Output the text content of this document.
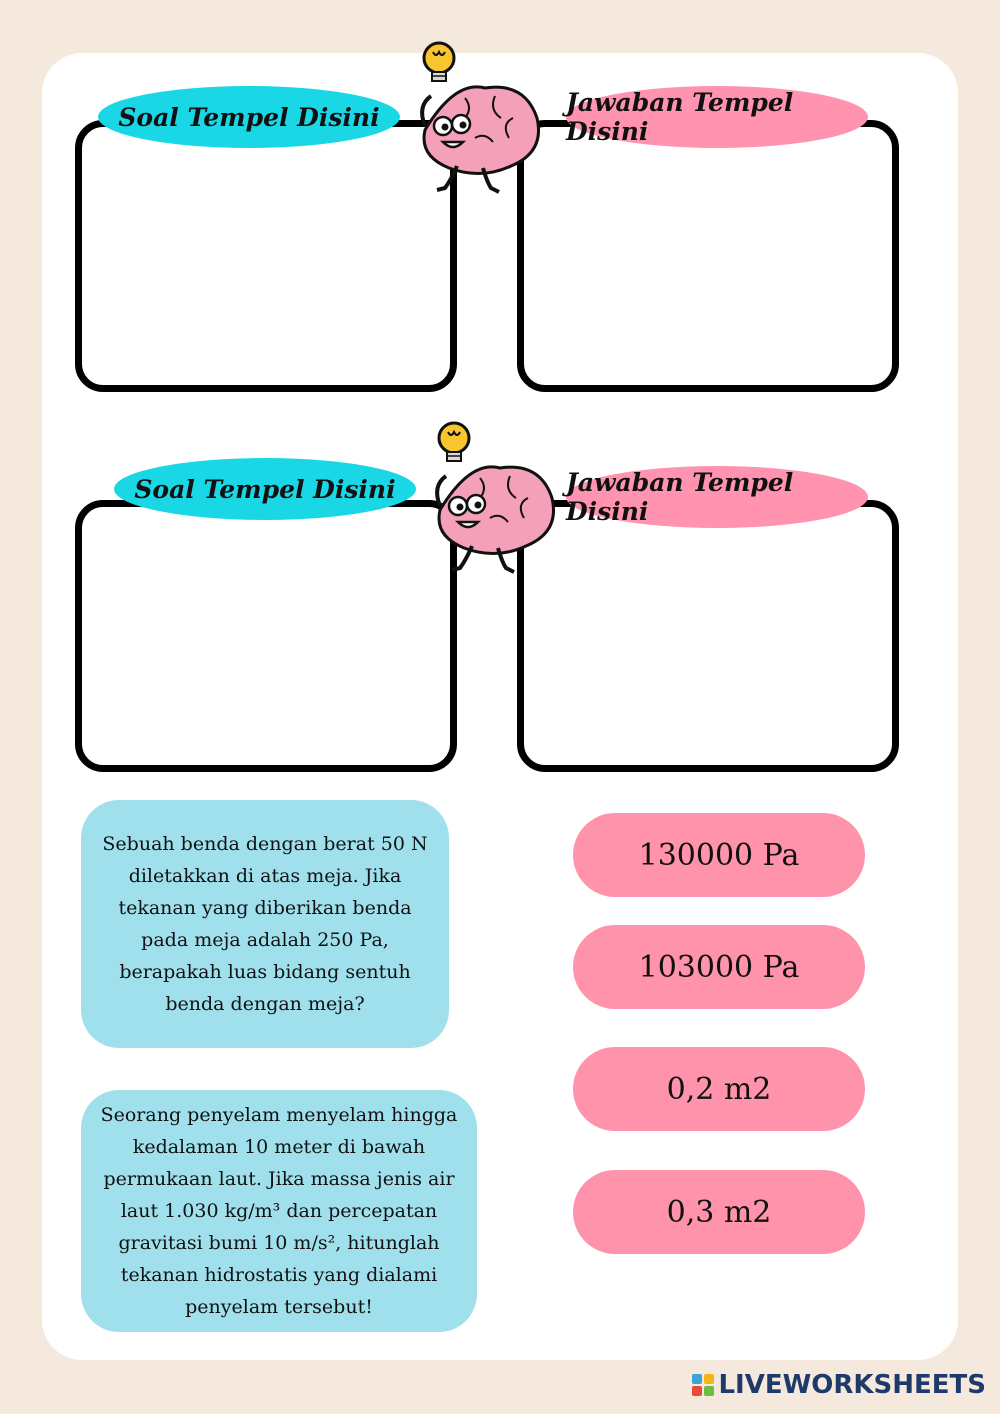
Soal Tempel Disini	Jawaban Tempel Disini
Soal Tempel Disini	Jawaban Tempel Disini
Sebuah benda dengan berat 50 N diletakkan di atas meja. Jika tekanan yang diberikan benda pada meja adalah 250 Pa, berapakah luas bidang sentuh benda dengan meja?
Seorang penyelam menyelam hingga kedalaman 10 meter di bawah permukaan laut. Jika massa jenis air laut 1.030 kg/m³ dan percepatan gravitasi bumi 10 m/s², hitunglah tekanan hidrostatis yang dialami penyelam tersebut!
130000 Pa
103000 Pa
0,2 m2
0,3 m2
LIVEWORKSHEETS
